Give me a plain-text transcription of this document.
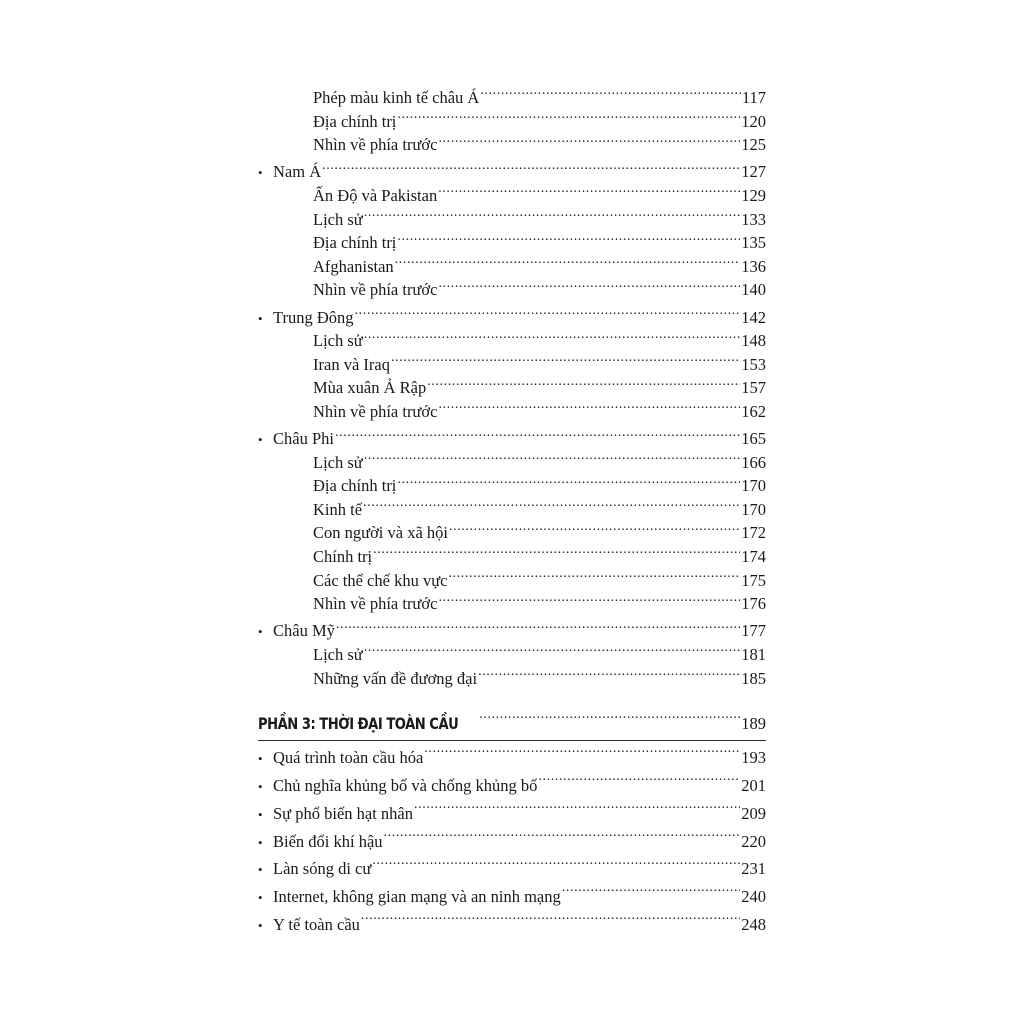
Phép màu kinh tế châu Á .....	117
Địa chính trị .....	120
Nhìn về phía trước .....	125
• Nam Á .....	127
Ấn Độ và Pakistan .....	129
Lịch sử .....	133
Địa chính trị .....	135
Afghanistan .....	136
Nhìn về phía trước .....	140
• Trung Đông .....	142
Lịch sử .....	148
Iran và Iraq .....	153
Mùa xuân Ả Rập .....	157
Nhìn về phía trước .....	162
• Châu Phi .....	165
Lịch sử .....	166
Địa chính trị .....	170
Kinh tế .....	170
Con người và xã hội .....	172
Chính trị .....	174
Các thể chế khu vực .....	175
Nhìn về phía trước .....	176
• Châu Mỹ .....	177
Lịch sử .....	181
Những vấn đề đương đại .....	185
PHẦN 3: THỜI ĐẠI TOÀN CẦU .....	189
• Quá trình toàn cầu hóa .....	193
• Chủ nghĩa khủng bố và chống khủng bố .....	201
• Sự phổ biến hạt nhân .....	209
• Biến đổi khí hậu .....	220
• Làn sóng di cư .....	231
• Internet, không gian mạng và an ninh mạng .....	240
• Y tế toàn cầu .....	248
